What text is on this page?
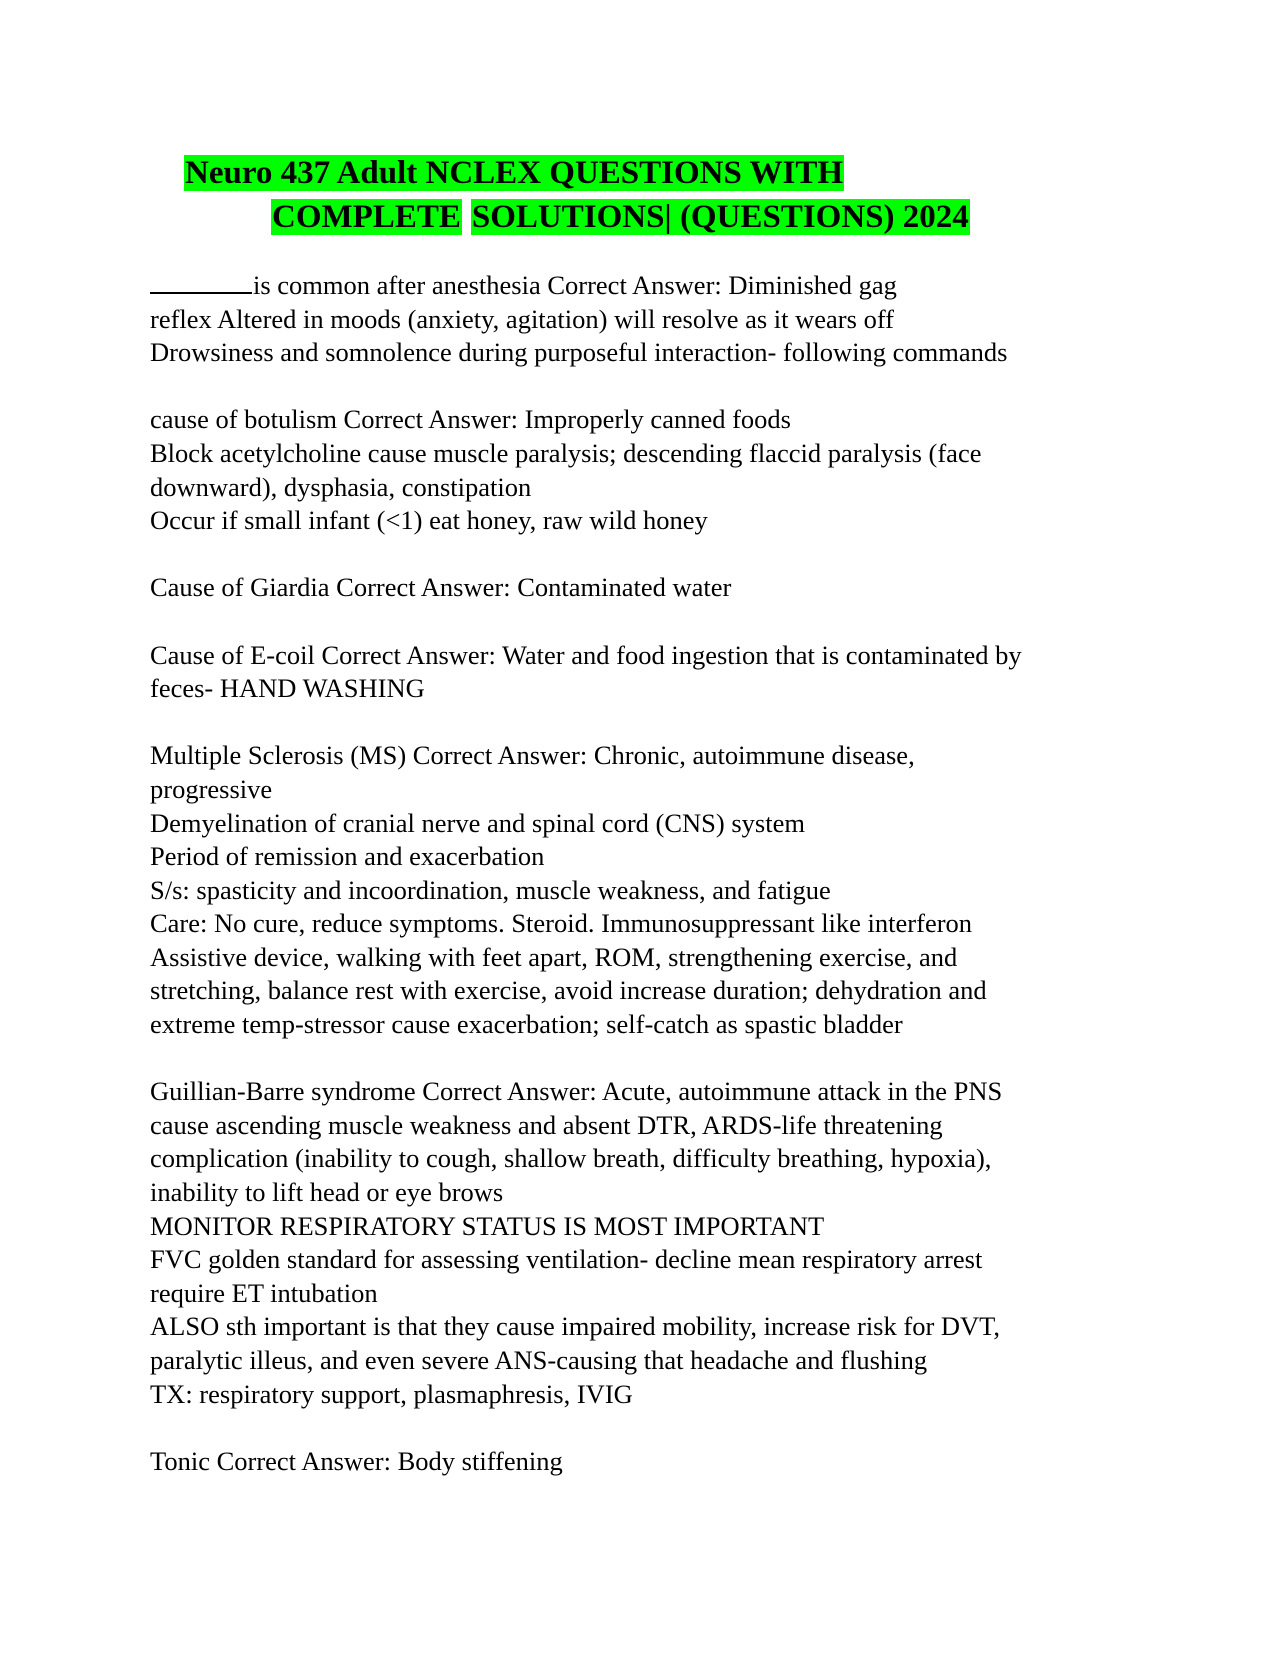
Neuro 437 Adult NCLEX QUESTIONS WITH
COMPLETE SOLUTIONS| (QUESTIONS) 2024
is common after anesthesia Correct Answer: Diminished gag
reflex Altered in moods (anxiety, agitation) will resolve as it wears off
Drowsiness and somnolence during purposeful interaction- following commands
cause of botulism Correct Answer: Improperly canned foods
Block acetylcholine cause muscle paralysis; descending flaccid paralysis (face
downward), dysphasia, constipation
Occur if small infant (<1) eat honey, raw wild honey
Cause of Giardia Correct Answer: Contaminated water
Cause of E-coil Correct Answer: Water and food ingestion that is contaminated by
feces- HAND WASHING
Multiple Sclerosis (MS) Correct Answer: Chronic, autoimmune disease,
progressive
Demyelination of cranial nerve and spinal cord (CNS) system
Period of remission and exacerbation
S/s: spasticity and incoordination, muscle weakness, and fatigue
Care: No cure, reduce symptoms. Steroid. Immunosuppressant like interferon
Assistive device, walking with feet apart, ROM, strengthening exercise, and
stretching, balance rest with exercise, avoid increase duration; dehydration and
extreme temp-stressor cause exacerbation; self-catch as spastic bladder
Guillian-Barre syndrome Correct Answer: Acute, autoimmune attack in the PNS
cause ascending muscle weakness and absent DTR, ARDS-life threatening
complication (inability to cough, shallow breath, difficulty breathing, hypoxia),
inability to lift head or eye brows
MONITOR RESPIRATORY STATUS IS MOST IMPORTANT
FVC golden standard for assessing ventilation- decline mean respiratory arrest
require ET intubation
ALSO sth important is that they cause impaired mobility, increase risk for DVT,
paralytic illeus, and even severe ANS-causing that headache and flushing
TX: respiratory support, plasmaphresis, IVIG
Tonic Correct Answer: Body stiffening
